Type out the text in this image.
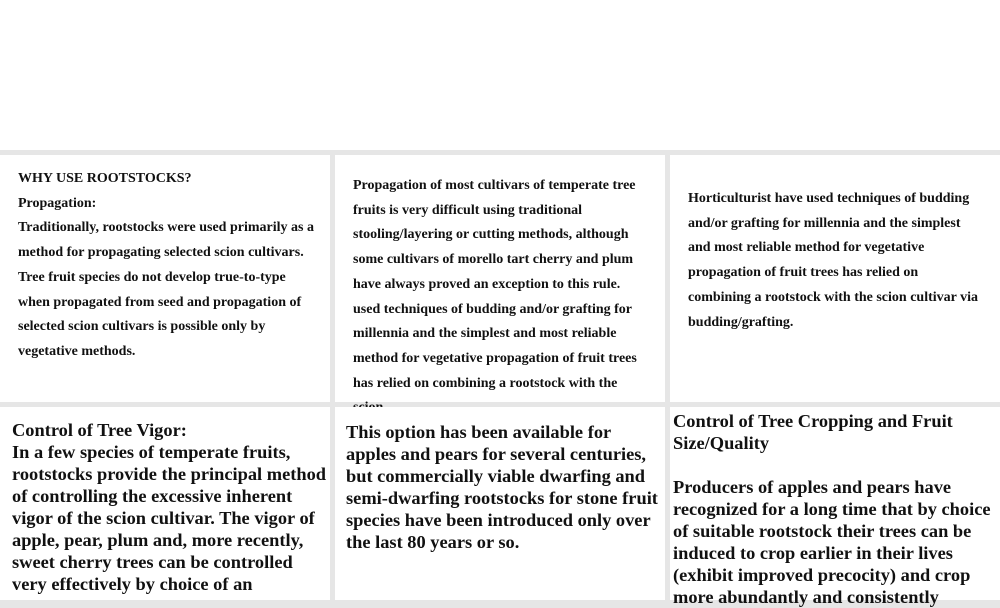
WHY USE ROOTSTOCKS?

Propagation:

Traditionally, rootstocks were used primarily as a method for propagating selected scion cultivars. Tree fruit species do not develop true-to-type when propagated from seed and propagation of selected scion cultivars is possible only by vegetative methods.

Propagation of most cultivars of temperate tree fruits is very difficult using traditional stooling/layering or cutting methods, although some cultivars of morello tart cherry and plum have always proved an exception to this rule. used techniques of budding and/or grafting for millennia and the simplest and most reliable method for vegetative propagation of fruit trees has relied on combining a rootstock with the

Horticulturist have used techniques of budding and/or grafting for millennia and the simplest and most reliable method for vegetative propagation of fruit trees has relied on combining a rootstock with the scion cultivar via budding/grafting.

Control of Tree Vigor:

In a few species of temperate fruits, rootstocks provide the principal method of controlling the excessive inherent vigor of the scion cultivar. The vigor of apple, pear, plum and, more recently, sweet cherry trees can be controlled very effectively by choice of an

This option has been available for apples and pears for several centuries, but commercially viable dwarfing and semi-dwarfing rootstocks for stone fruit species have been introduced only over the last 80 years or so.

Control of Tree Cropping and Fruit Size/Quality

Producers of apples and pears have recognized for a long time that by choice of suitable rootstock their trees can be induced to crop earlier in their lives (exhibit improved precocity) and crop more abundantly and consistently
